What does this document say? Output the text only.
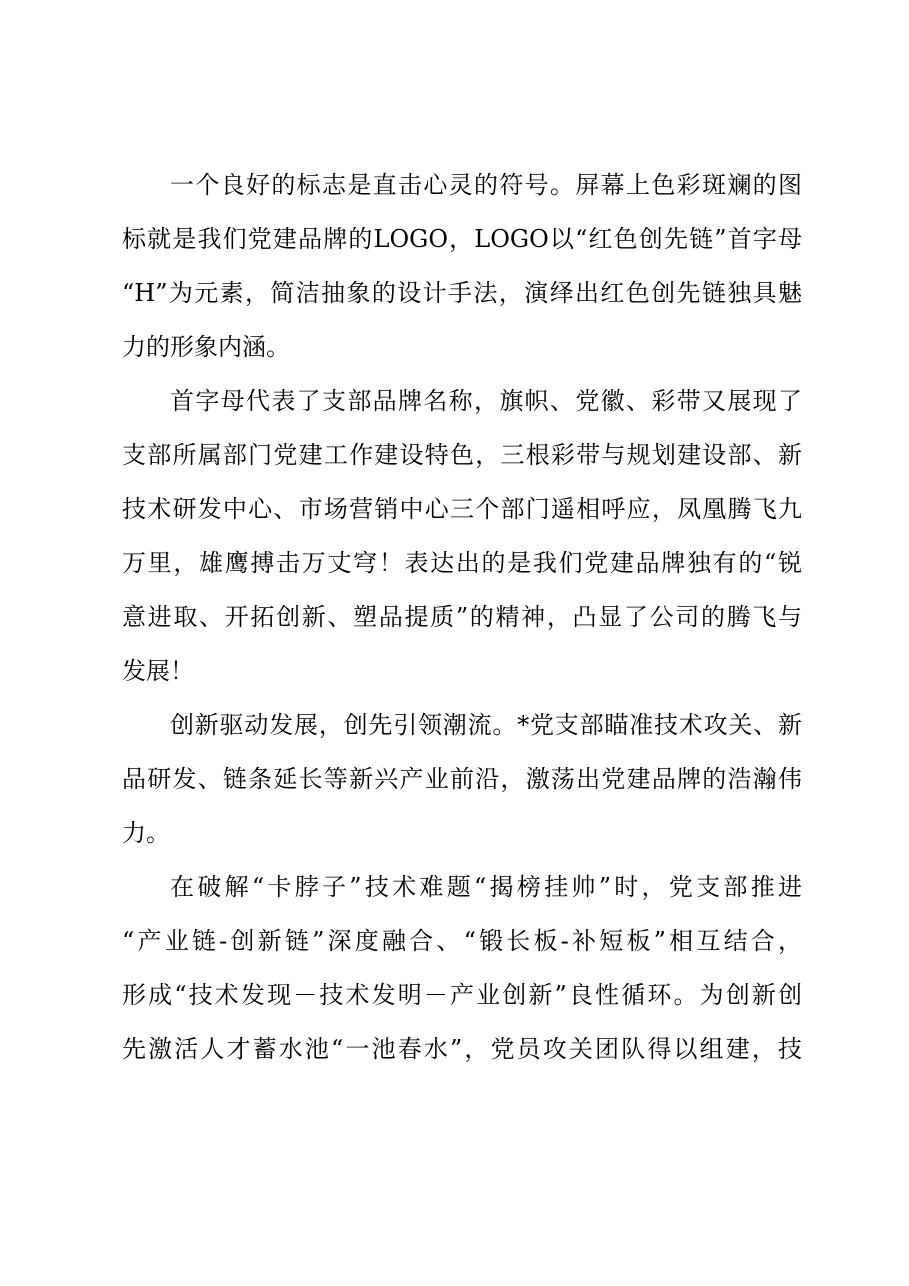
一个良好的标志是直击心灵的符号。屏幕上色彩斑斓的图
标就是我们党建品牌的LOGO，LOGO以“红色创先链”首字母
“H”为元素，简洁抽象的设计手法，演绎出红色创先链独具魅
力的形象内涵。
首字母代表了支部品牌名称，旗帜、党徽、彩带又展现了
支部所属部门党建工作建设特色，三根彩带与规划建设部、新
技术研发中心、市场营销中心三个部门遥相呼应，凤凰腾飞九
万里，雄鹰搏击万丈穹！表达出的是我们党建品牌独有的“锐
意进取、开拓创新、塑品提质”的精神，凸显了公司的腾飞与
发展！
创新驱动发展，创先引领潮流。*党支部瞄准技术攻关、新
品研发、链条延长等新兴产业前沿，激荡出党建品牌的浩瀚伟
力。
在破解“卡脖子”技术难题“揭榜挂帅”时，党支部推进
“产业链-创新链”深度融合、“锻长板-补短板”相互结合，
形成“技术发现－技术发明－产业创新”良性循环。为创新创
先激活人才蓄水池“一池春水”，党员攻关团队得以组建，技
